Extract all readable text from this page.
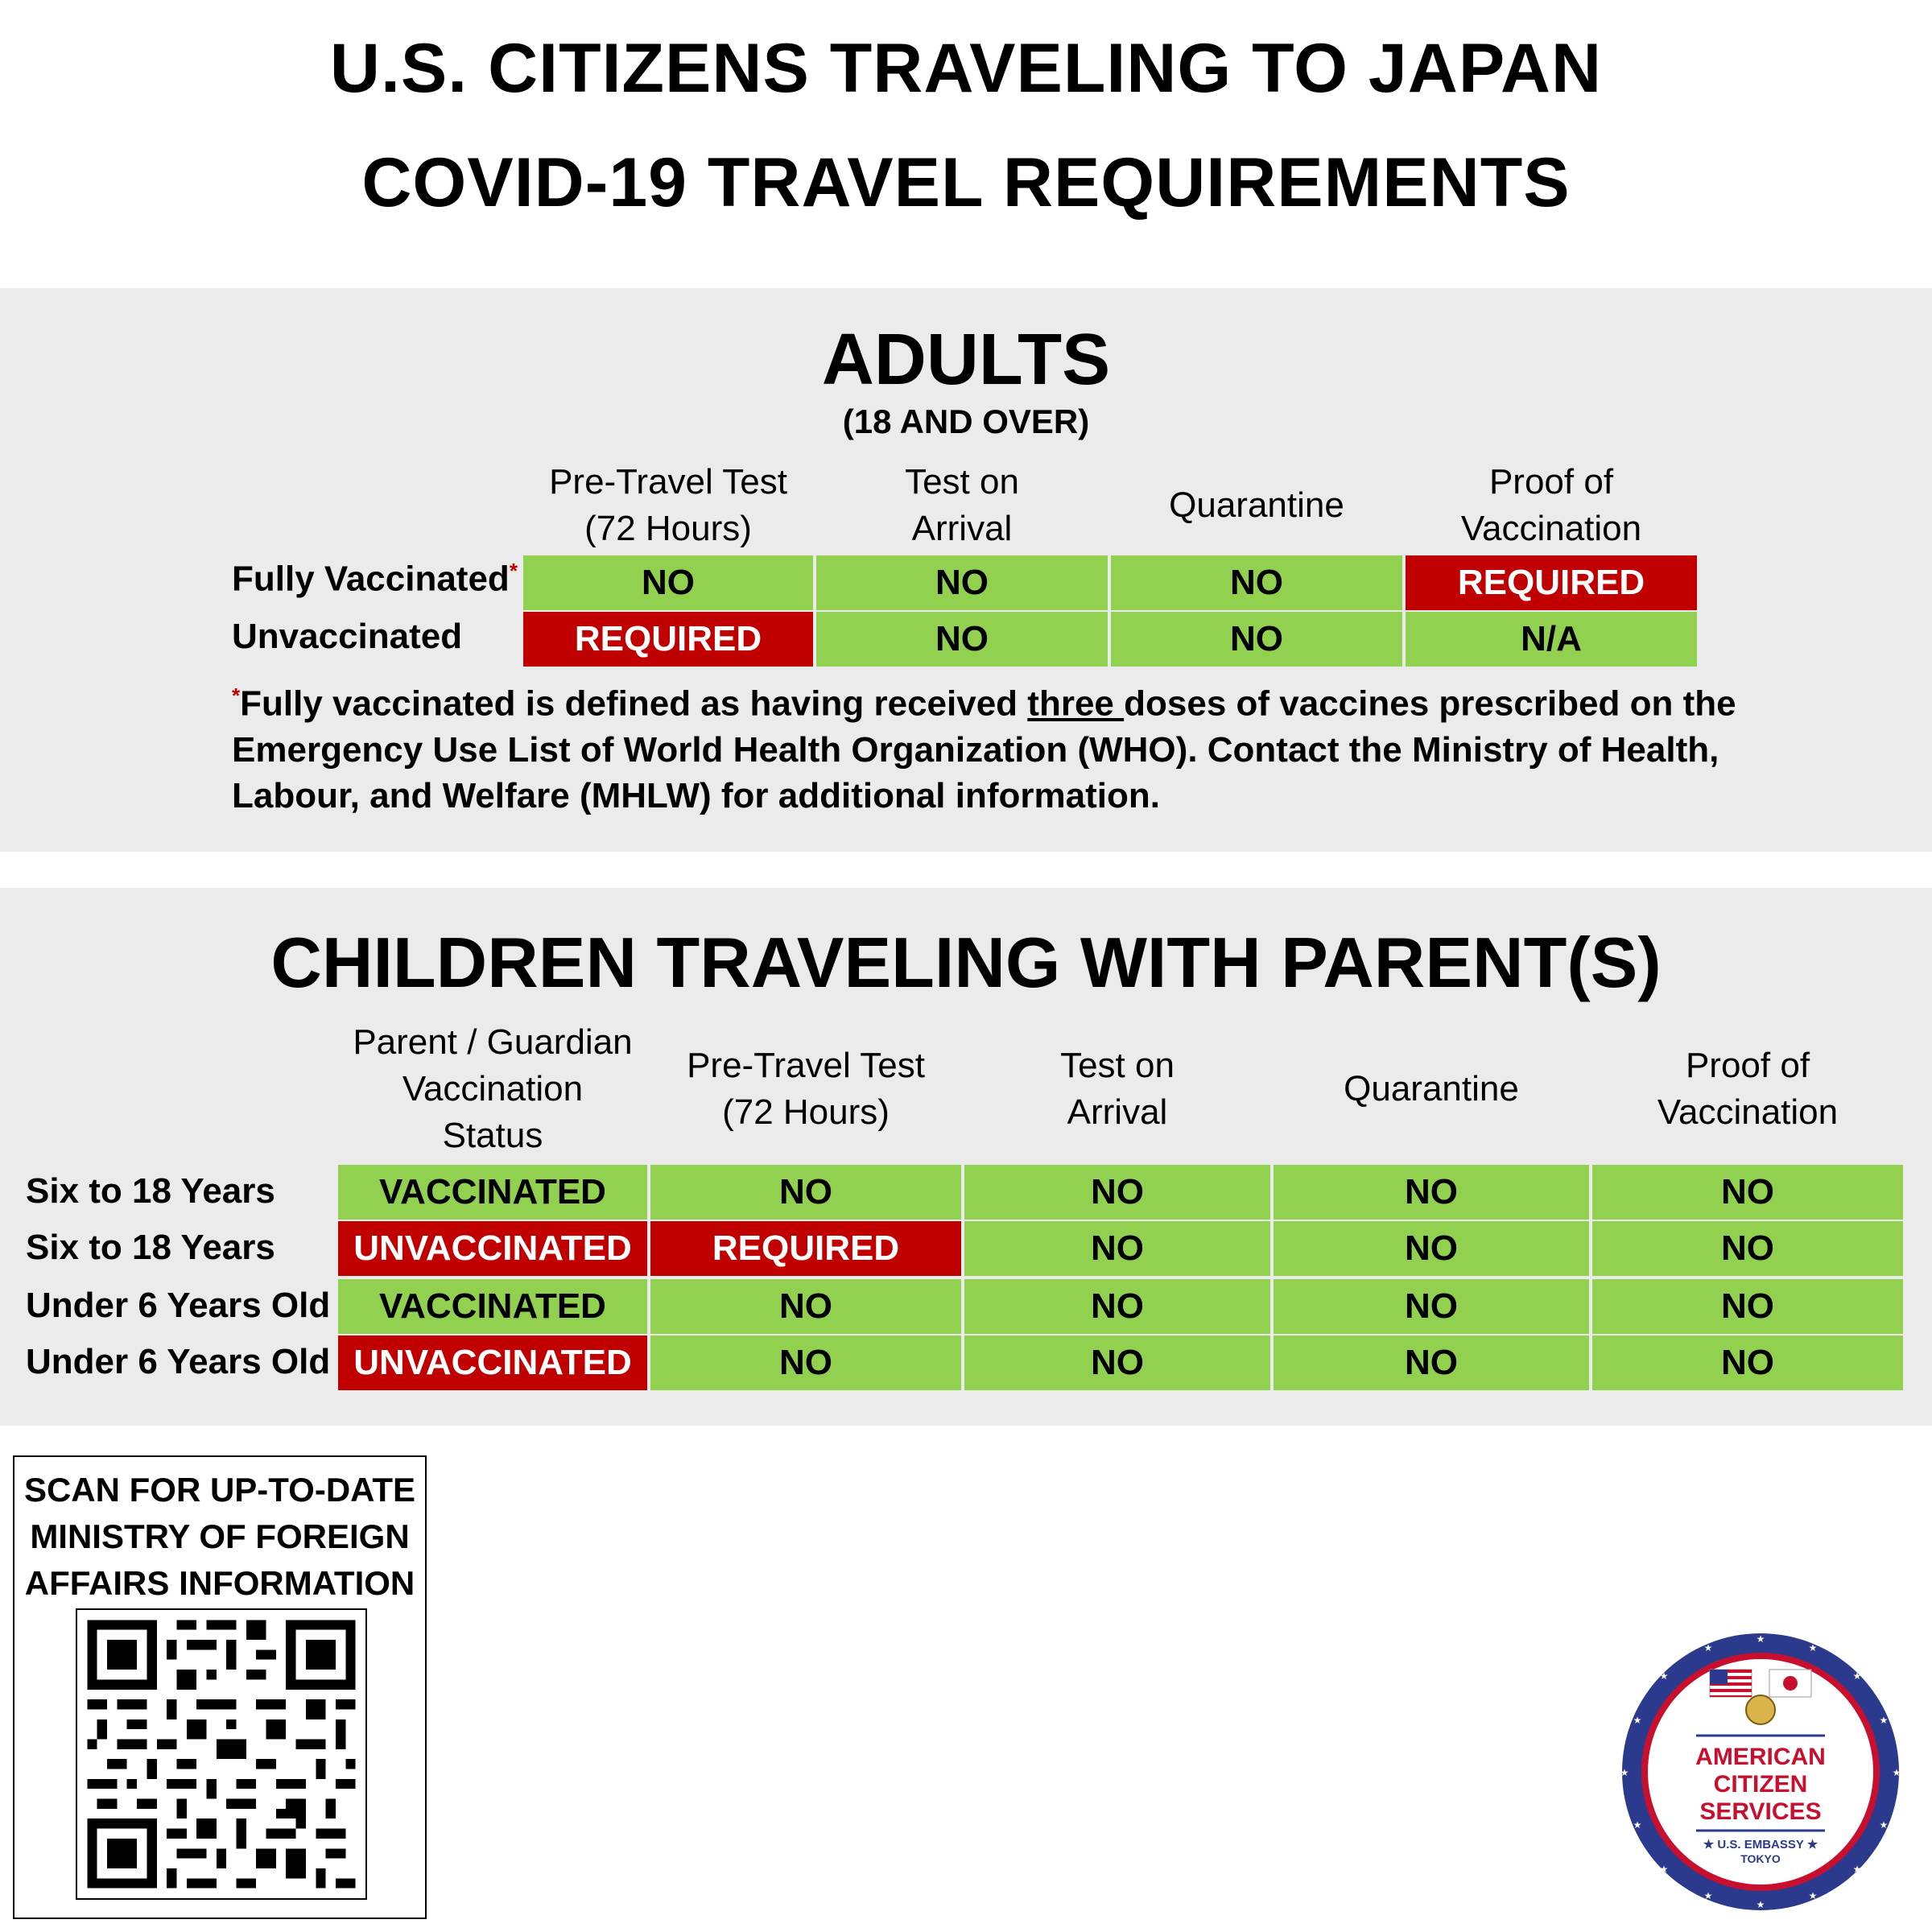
U.S. CITIZENS TRAVELING TO JAPAN
COVID-19 TRAVEL REQUIREMENTS
ADULTS
(18 AND OVER)
Pre-Travel Test
(72 Hours)
Test on
Arrival
Quarantine
Proof of
Vaccination
Fully Vaccinated*	NO	NO	NO	REQUIRED
Unvaccinated	REQUIRED	NO	NO	N/A
*Fully vaccinated is defined as having received three doses of vaccines prescribed on the Emergency Use List of World Health Organization (WHO). Contact the Ministry of Health, Labour, and Welfare (MHLW) for additional information.
CHILDREN TRAVELING WITH PARENT(S)
Parent / Guardian
Vaccination
Status
Pre-Travel Test
(72 Hours)
Test on
Arrival
Quarantine
Proof of
Vaccination
Six to 18 Years	VACCINATED	NO	NO	NO	NO
Six to 18 Years	UNVACCINATED	REQUIRED	NO	NO	NO
Under 6 Years Old	VACCINATED	NO	NO	NO	NO
Under 6 Years Old UNVACCINATED	NO	NO	NO	NO
SCAN FOR UP-TO-DATE
MINISTRY OF FOREIGN
AFFAIRS INFORMATION
★
★
★	★
★	★
★	★
★	★
★	★
★	★
★	★
AMERICAN
CITIZEN
SERVICES
★ U.S. EMBASSY ★
TOKYO
